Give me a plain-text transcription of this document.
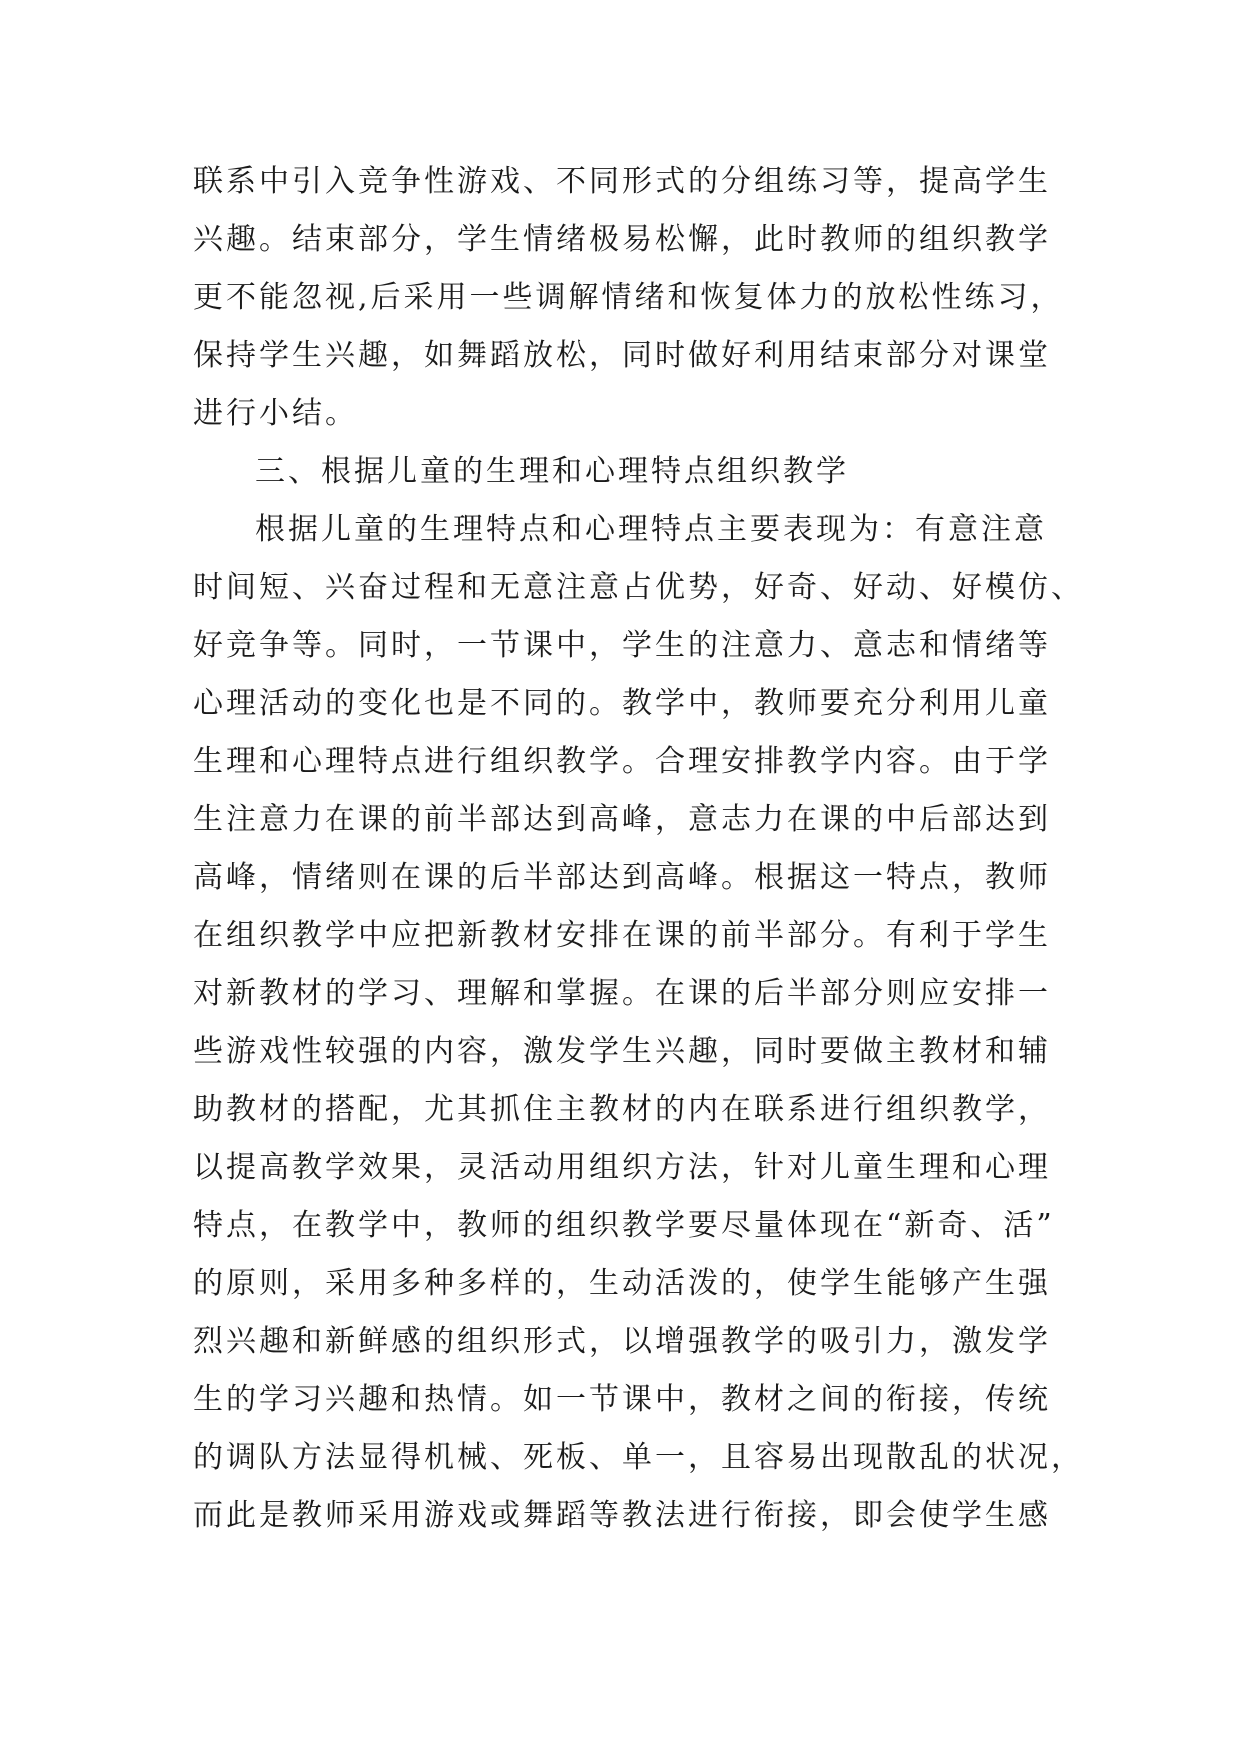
联系中引入竞争性游戏、不同形式的分组练习等，提高学生
兴趣。结束部分，学生情绪极易松懈，此时教师的组织教学
更不能忽视,后采用一些调解情绪和恢复体力的放松性练习，
保持学生兴趣，如舞蹈放松，同时做好利用结束部分对课堂
进行小结。
三、根据儿童的生理和心理特点组织教学
根据儿童的生理特点和心理特点主要表现为：有意注意
时间短、兴奋过程和无意注意占优势，好奇、好动、好模仿、
好竞争等。同时，一节课中，学生的注意力、意志和情绪等
心理活动的变化也是不同的。教学中，教师要充分利用儿童
生理和心理特点进行组织教学。合理安排教学内容。由于学
生注意力在课的前半部达到高峰，意志力在课的中后部达到
高峰，情绪则在课的后半部达到高峰。根据这一特点，教师
在组织教学中应把新教材安排在课的前半部分。有利于学生
对新教材的学习、理解和掌握。在课的后半部分则应安排一
些游戏性较强的内容，激发学生兴趣，同时要做主教材和辅
助教材的搭配，尤其抓住主教材的内在联系进行组织教学，
以提高教学效果，灵活动用组织方法，针对儿童生理和心理
特点，在教学中，教师的组织教学要尽量体现在“新奇、活”
的原则，采用多种多样的，生动活泼的，使学生能够产生强
烈兴趣和新鲜感的组织形式，以增强教学的吸引力，激发学
生的学习兴趣和热情。如一节课中，教材之间的衔接，传统
的调队方法显得机械、死板、单一，且容易出现散乱的状况，
而此是教师采用游戏或舞蹈等教法进行衔接，即会使学生感
